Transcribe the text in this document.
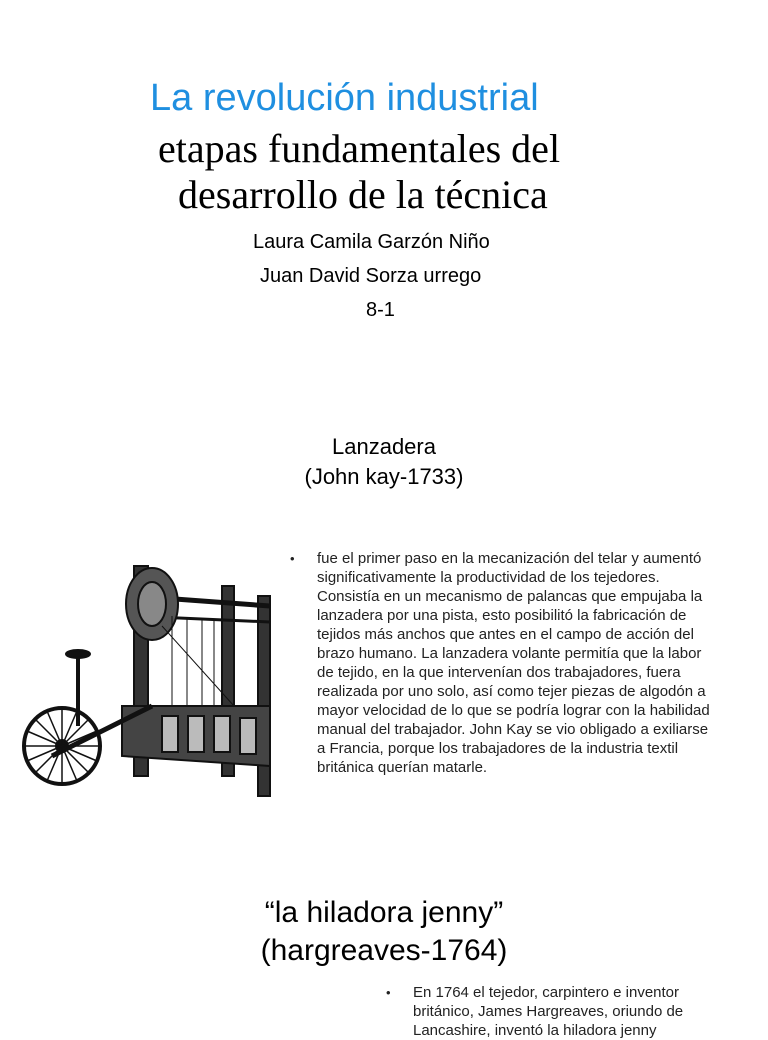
La revolución industrial
etapas fundamentales del
desarrollo de la técnica
Laura Camila Garzón Niño
Juan David Sorza urrego
8-1
Lanzadera
(John kay-1733)
• fue el primer paso en la mecanización del telar y aumentó significativamente la productividad de los tejedores. Consistía en un mecanismo de palancas que empujaba la lanzadera por una pista, esto posibilitó la fabricación de tejidos más anchos que antes en el campo de acción del brazo humano. La lanzadera volante permitía que la labor de tejido, en la que intervenían dos trabajadores, fuera realizada por uno solo, así como tejer piezas de algodón a mayor velocidad de lo que se podría lograr con la habilidad manual del trabajador. John Kay se vio obligado a exiliarse a Francia, porque los trabajadores de la industria textil británica querían matarle.
“la hiladora jenny”
(hargreaves-1764)
• En 1764 el tejedor, carpintero e inventor británico, James Hargreaves, oriundo de Lancashire, inventó la hiladora jenny
